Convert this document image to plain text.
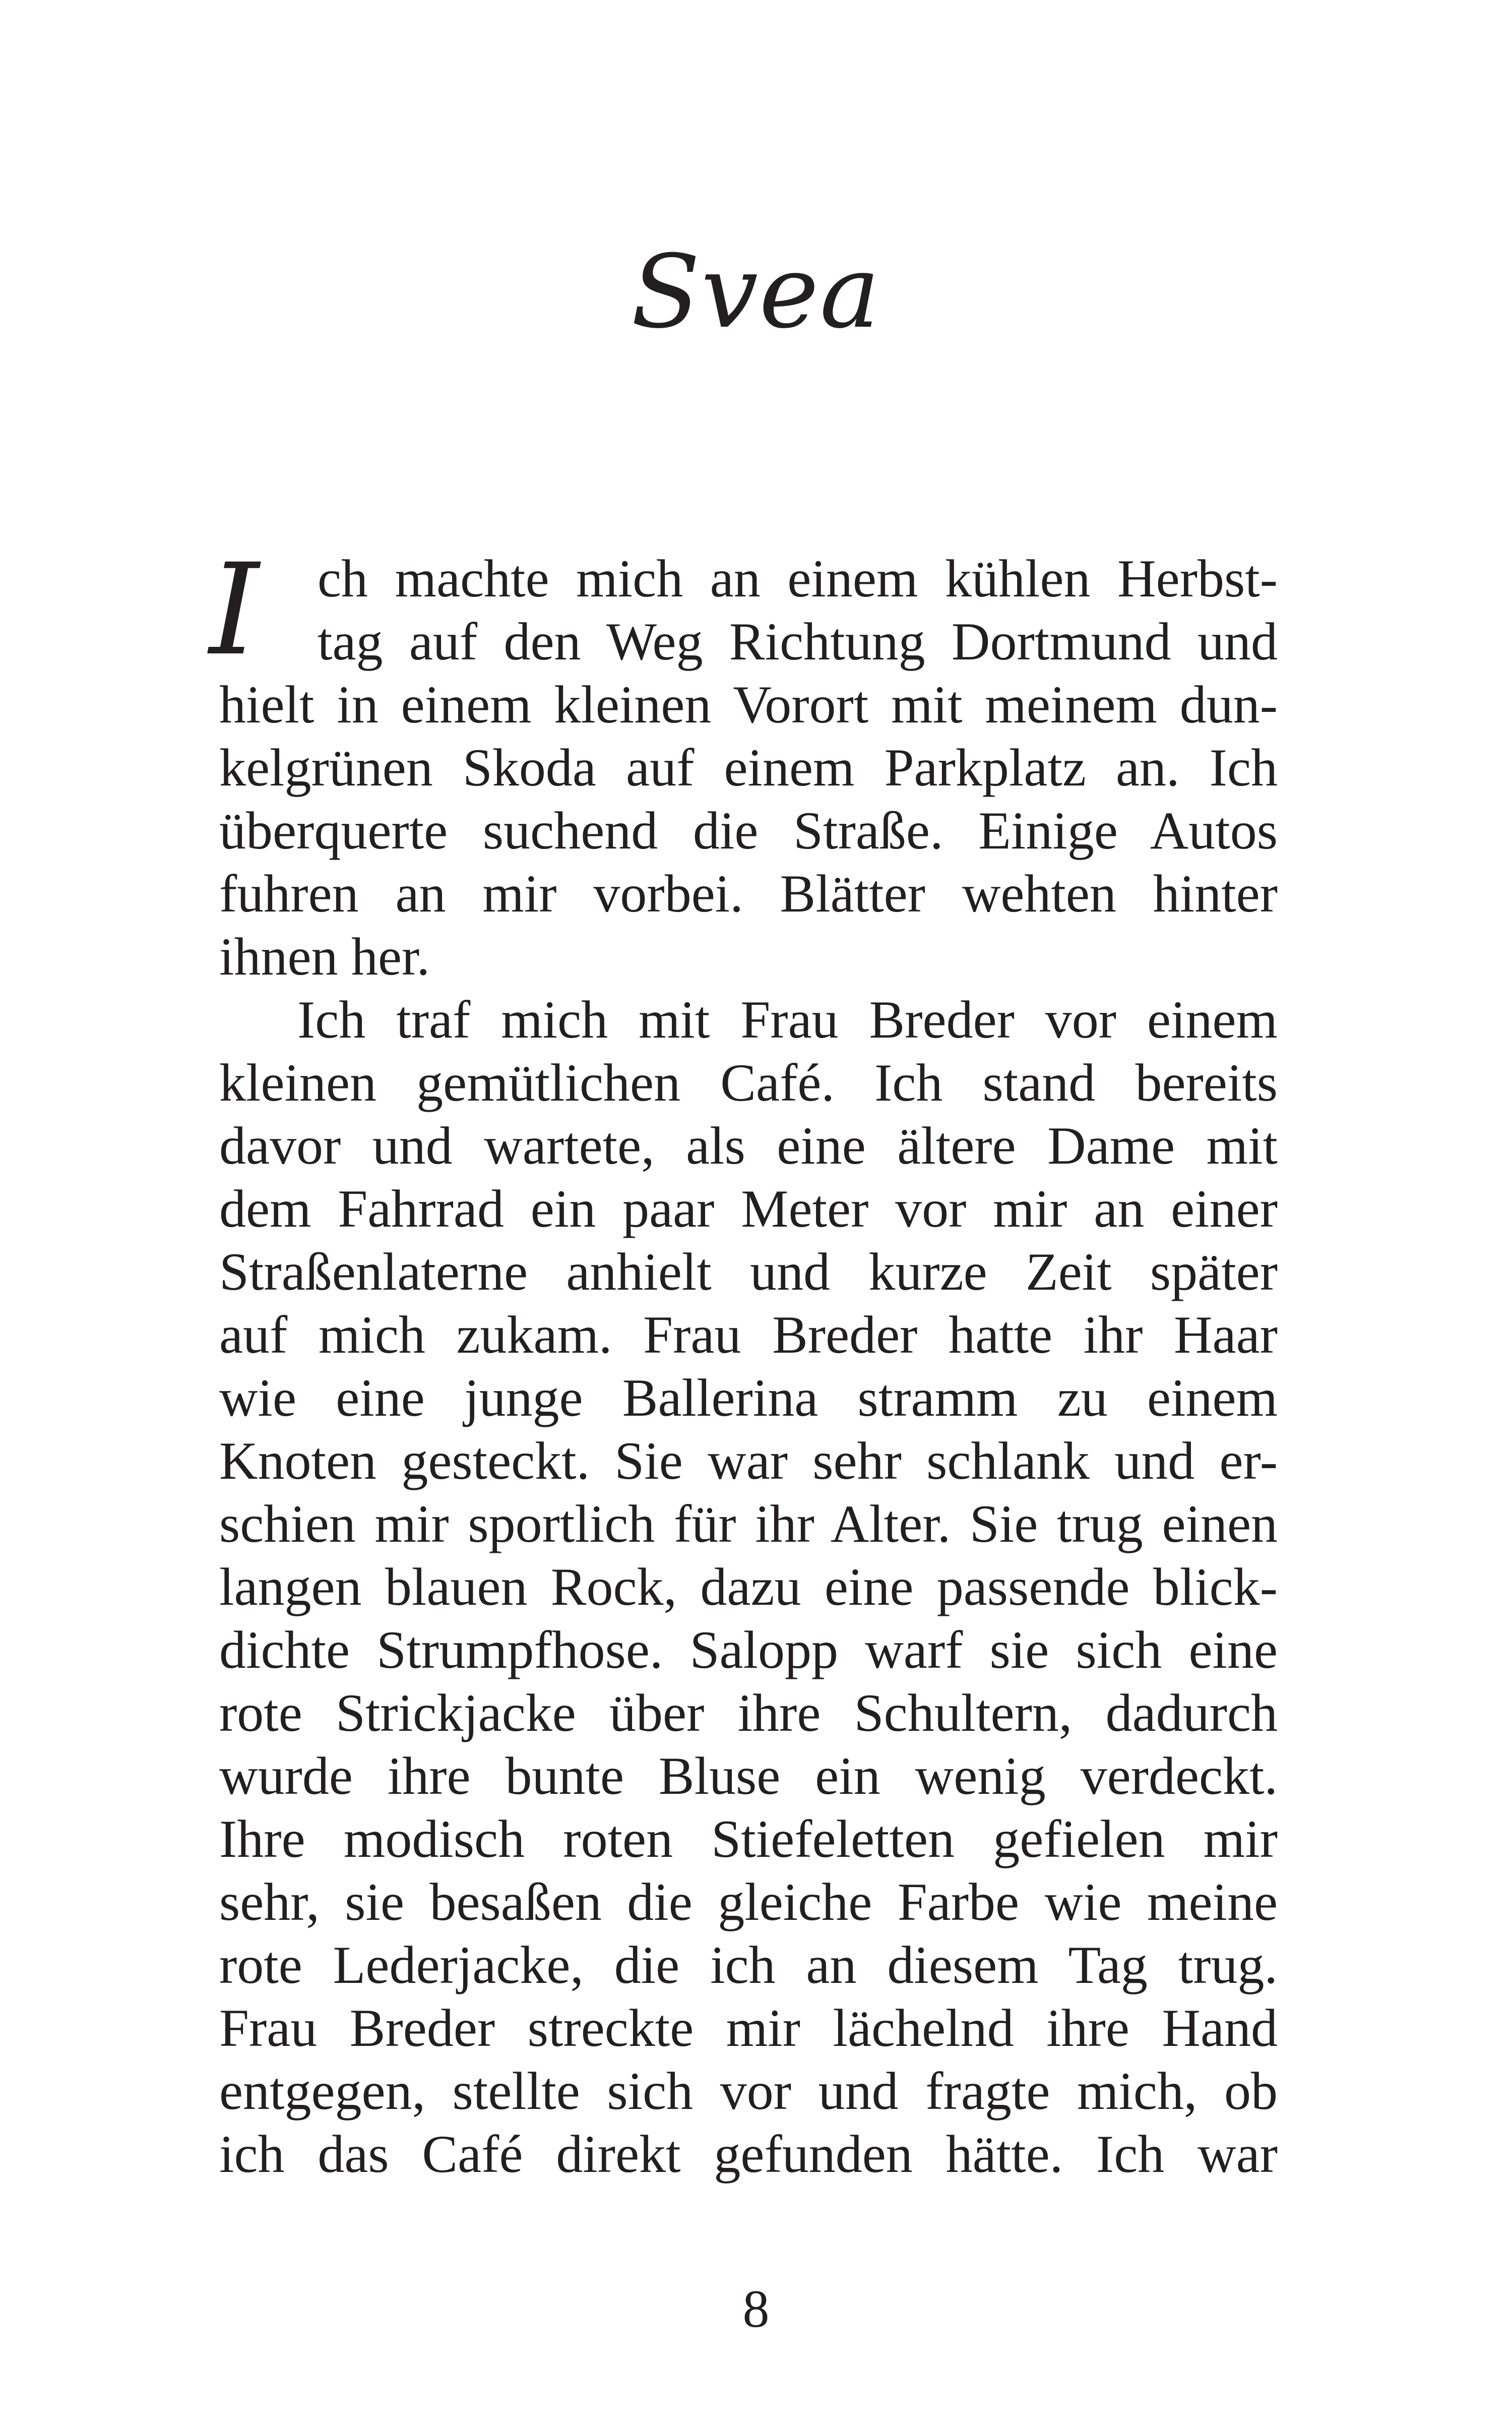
Svea
I	ch machte mich an einem kühlen Herbst-
tag auf den Weg Richtung Dortmund und
hielt in einem kleinen Vorort mit meinem dun-
kelgrünen Skoda auf einem Parkplatz an. Ich
überquerte suchend die Straße. Einige Autos
fuhren an mir vorbei. Blätter wehten hinter
ihnen her.
Ich traf mich mit Frau Breder vor einem
kleinen gemütlichen Café. Ich stand bereits
davor und wartete, als eine ältere Dame mit
dem Fahrrad ein paar Meter vor mir an einer
Straßenlaterne anhielt und kurze Zeit später
auf mich zukam. Frau Breder hatte ihr Haar
wie eine junge Ballerina stramm zu einem
Knoten gesteckt. Sie war sehr schlank und er-
schien mir sportlich für ihr Alter. Sie trug einen
langen blauen Rock, dazu eine passende blick-
dichte Strumpfhose. Salopp warf sie sich eine
rote Strickjacke über ihre Schultern, dadurch
wurde ihre bunte Bluse ein wenig verdeckt.
Ihre modisch roten Stiefeletten gefielen mir
sehr, sie besaßen die gleiche Farbe wie meine
rote Lederjacke, die ich an diesem Tag trug.
Frau Breder streckte mir lächelnd ihre Hand
entgegen, stellte sich vor und fragte mich, ob
ich das Café direkt gefunden hätte. Ich war
8
